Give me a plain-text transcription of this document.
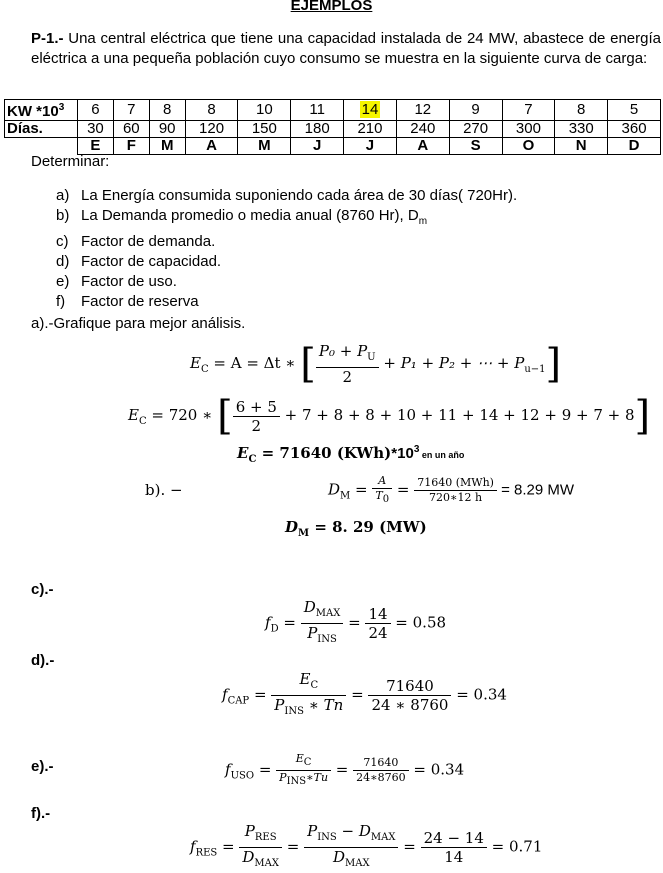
EJEMPLOS
P-1.- Una central eléctrica que tiene una capacidad instalada de 24 MW, abastece de energía eléctrica a una pequeña población cuyo consumo se muestra en la siguiente curva de carga:
KW $*10^3$	6	7	8	8	10	11	14	12	9	7	8	5
Días.	30	60	90	120	150	180	210	240	270	300	330	360
	E	F	M	A	M	J	J	A	S	O	N	D
Determinar:
a) La Energía consumida suponiendo cada área de 30 días( 720Hr).
b) La Demanda promedio o media anual (8760 Hr), $D_m$
c) Factor de demanda.
d) Factor de capacidad.
e) Factor de uso.
f) Factor de reserva
a).-Grafique para mejor análisis.
$E_C = A = \Delta t$ ∗ [ $\frac{P_0 + P_U}{2} + P_1 + P_2$ + ⋯ + $P_{u-1}$]
$E_C = 720$ ∗ [ $\frac{6 + 5}{2} + 7 + 8 + 8 + 10 + 11 + 14 + 12 + 9 + 7 + 8$]
$E_C = 71640$ $(KWh)*10^3$ en un año
b). −	$D_M = \frac{A}{T_0} = \frac{\text{71640 (MWh)}}{720∗12 h} = 8.29$ MW
$D_M = 8$. 29 (MW)
c).-
$f_D = \frac{D_{MAX}}{P_{INS}} = \frac{14}{24} = 0.58$
d).-
$f_{CAP} = \frac{E_C}{P_{INS} ∗ Tn} = \frac{71640}{24 ∗ 8760} = 0.34$
e).-	$f_{USO} = \frac{E_C}{P_{INS}∗Tu} = \frac{71640}{24∗8760} = 0.34$
f).-
$f_{RES} = \frac{P_{RES}}{D_{MAX}} = \frac{P_{INS} - D_{MAX}}{D_{MAX}} = \frac{24 - 14}{14} = 0.71$
